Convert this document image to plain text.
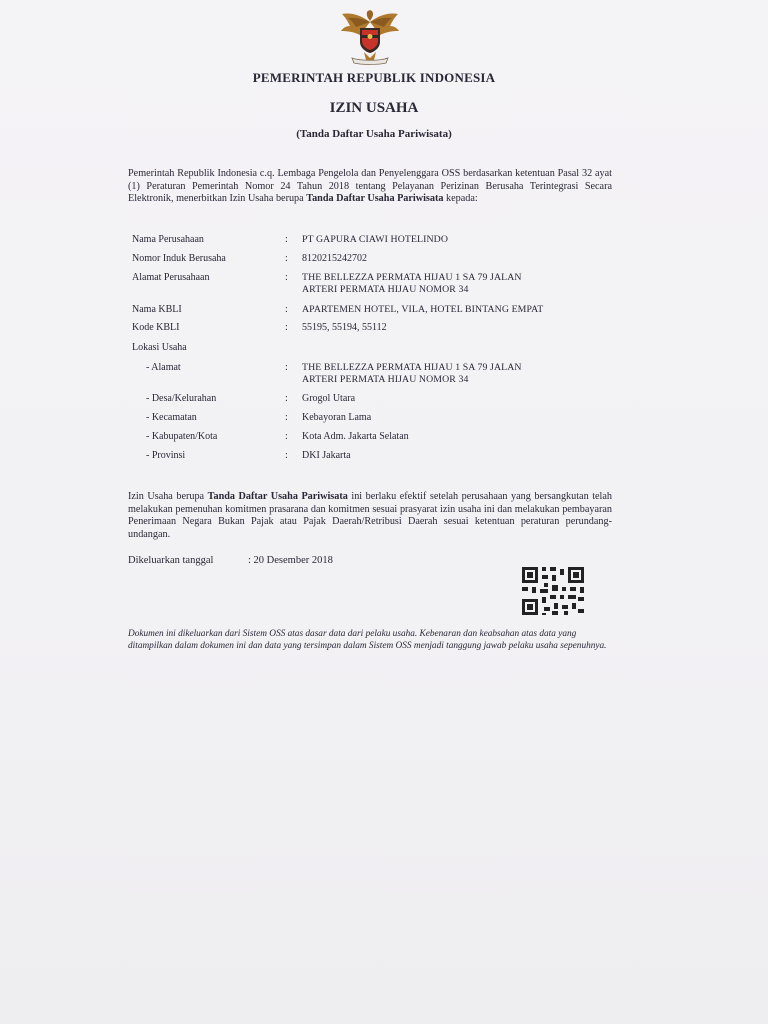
PEMERINTAH REPUBLIK INDONESIA
IZIN USAHA
(Tanda Daftar Usaha Pariwisata)
Pemerintah Republik Indonesia c.q. Lembaga Pengelola dan Penyelenggara OSS berdasarkan ketentuan Pasal 32 ayat (1) Peraturan Pemerintah Nomor 24 Tahun 2018 tentang Pelayanan Perizinan Berusaha Terintegrasi Secara Elektronik, menerbitkan Izin Usaha berupa Tanda Daftar Usaha Pariwisata kepada:
Nama Perusahaan	: PT GAPURA CIAWI HOTELINDO
Nomor Induk Berusaha	: 8120215242702
Alamat Perusahaan	: THE BELLEZZA PERMATA HIJAU 1 SA 79 JALAN
ARTERI PERMATA HIJAU NOMOR 34
Nama KBLI	: APARTEMEN HOTEL, VILA, HOTEL BINTANG EMPAT
Kode KBLI	: 55195, 55194, 55112
Lokasi Usaha
- Alamat	: THE BELLEZZA PERMATA HIJAU 1 SA 79 JALAN
ARTERI PERMATA HIJAU NOMOR 34
- Desa/Kelurahan	: Grogol Utara
- Kecamatan	: Kebayoran Lama
- Kabupaten/Kota	: Kota Adm. Jakarta Selatan
- Provinsi	: DKI Jakarta
Izin Usaha berupa Tanda Daftar Usaha Pariwisata ini berlaku efektif setelah perusahaan yang bersangkutan telah melakukan pemenuhan komitmen prasarana dan komitmen sesuai prasyarat izin usaha ini dan melakukan pembayaran Penerimaan Negara Bukan Pajak atau Pajak Daerah/Retribusi Daerah sesuai ketentuan peraturan perundang-undangan.
Dikeluarkan tanggal	: 20 Desember 2018
Dokumen ini dikeluarkan dari Sistem OSS atas dasar data dari pelaku usaha. Kebenaran dan keabsahan atas data yang ditampilkan dalam dokumen ini dan data yang tersimpan dalam Sistem OSS menjadi tanggung jawab pelaku usaha sepenuhnya.
